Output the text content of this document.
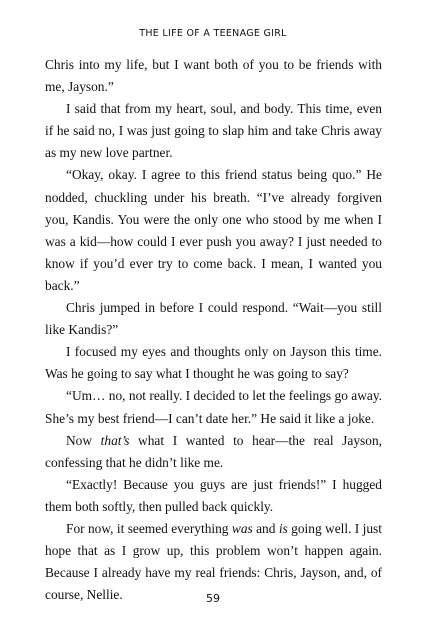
THE LIFE OF A TEENAGE GIRL

Chris into my life, but I want both of you to be friends with me, Jayson.”

I said that from my heart, soul, and body. This time, even if he said no, I was just going to slap him and take Chris away as my new love partner.

“Okay, okay. I agree to this friend status being quo.” He nodded, chuckling under his breath. “I’ve already forgiven you, Kandis. You were the only one who stood by me when I was a kid—how could I ever push you away? I just needed to know if you’d ever try to come back. I mean, I wanted you back.”

Chris jumped in before I could respond. “Wait—you still like Kandis?”

I focused my eyes and thoughts only on Jayson this time. Was he going to say what I thought he was going to say?

“Um… no, not really. I decided to let the feelings go away. She’s my best friend—I can’t date her.” He said it like a joke.

Now that’s what I wanted to hear—the real Jayson, confessing that he didn’t like me.

“Exactly! Because you guys are just friends!” I hugged them both softly, then pulled back quickly.

For now, it seemed everything was and is going well. I just hope that as I grow up, this problem won’t happen again. Because I already have my real friends: Chris, Jayson, and, of course, Nellie.	59
